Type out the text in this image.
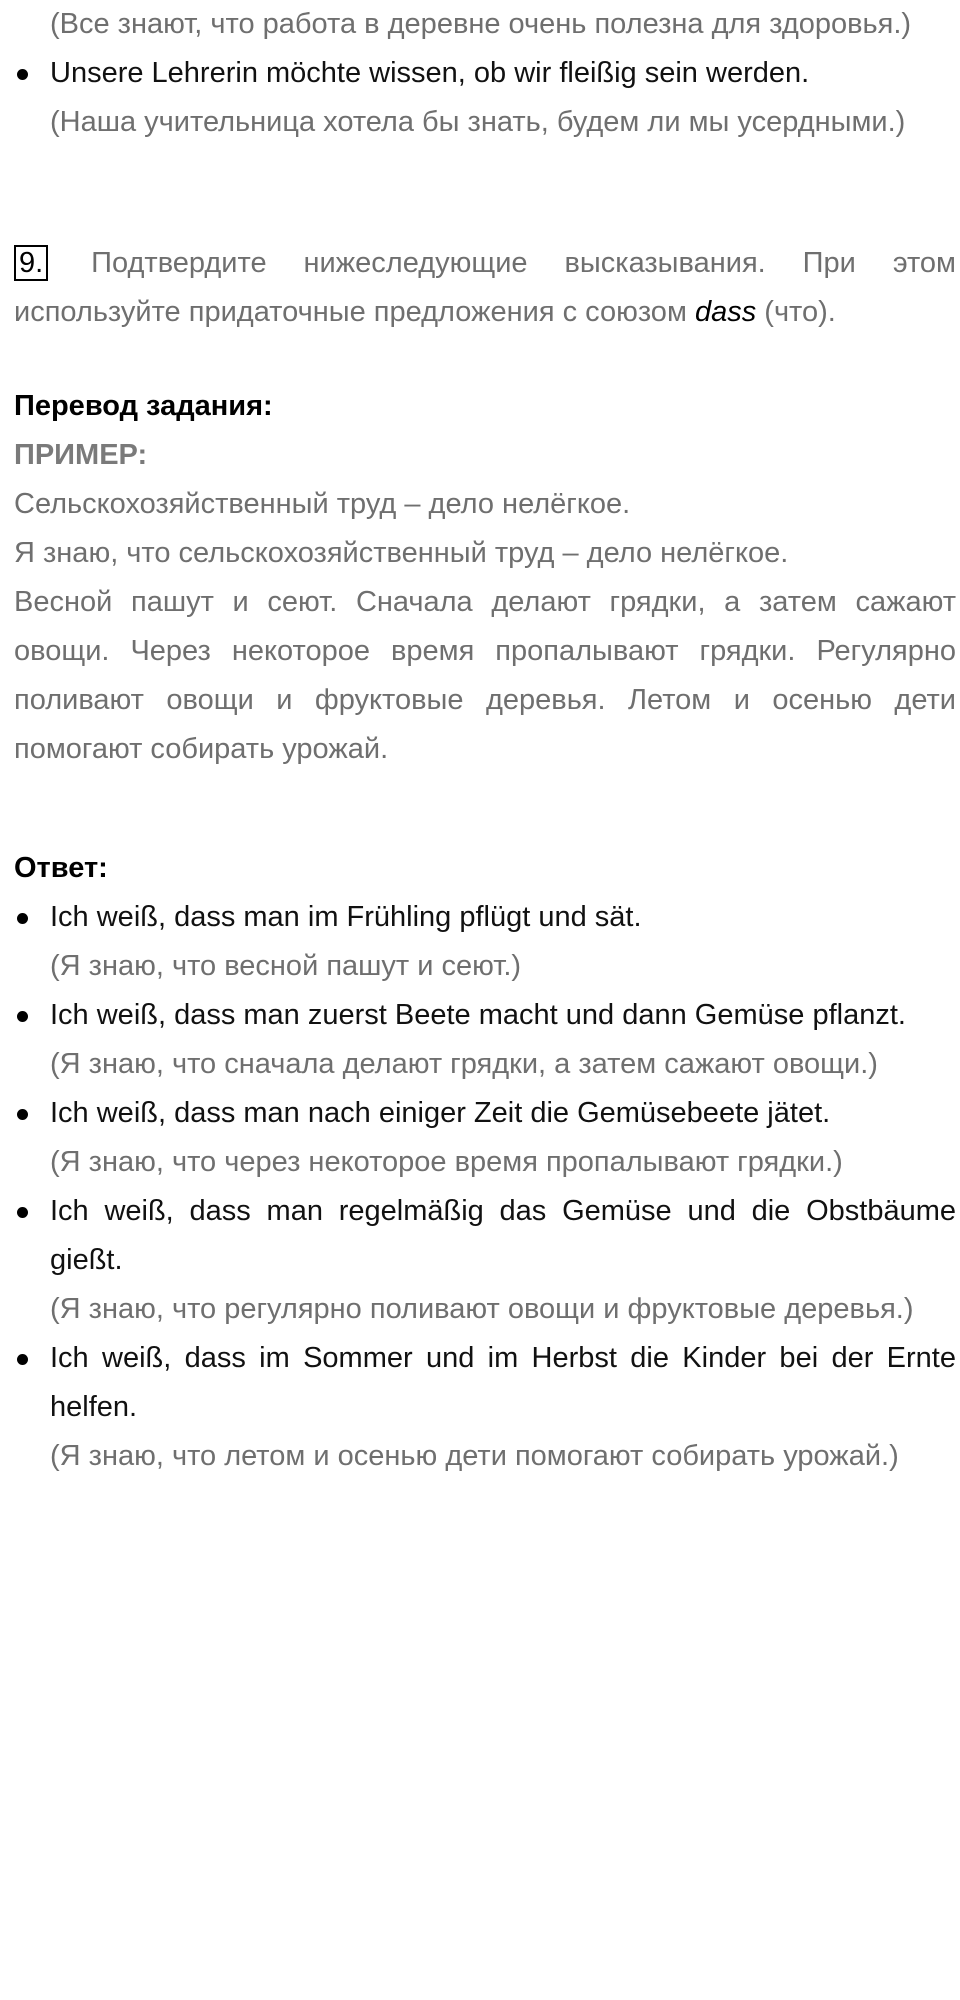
(Все знают, что работа в деревне очень полезна для здоровья.)
Unsere Lehrerin möchte wissen, ob wir fleißig sein werden.
(Наша учительница хотела бы знать, будем ли мы усердными.)
9. Подтвердите нижеследующие высказывания. При этом используйте придаточные предложения с союзом dass (что).
Перевод задания:
ПРИМЕР:
Сельскохозяйственный труд – дело нелёгкое.
Я знаю, что сельскохозяйственный труд – дело нелёгкое.
Весной пашут и сеют. Сначала делают грядки, а затем сажают овощи. Через некоторое время пропалывают грядки. Регулярно поливают овощи и фруктовые деревья. Летом и осенью дети помогают собирать урожай.
Ответ:
Ich weiß, dass man im Frühling pflügt und sät.
(Я знаю, что весной пашут и сеют.)
Ich weiß, dass man zuerst Beete macht und dann Gemüse pflanzt.
(Я знаю, что сначала делают грядки, а затем сажают овощи.)
Ich weiß, dass man nach einiger Zeit die Gemüsebeete jätet.
(Я знаю, что через некоторое время пропалывают грядки.)
Ich weiß, dass man regelmäßig das Gemüse und die Obstbäume gießt.
(Я знаю, что регулярно поливают овощи и фруктовые деревья.)
Ich weiß, dass im Sommer und im Herbst die Kinder bei der Ernte helfen.
(Я знаю, что летом и осенью дети помогают собирать урожай.)
